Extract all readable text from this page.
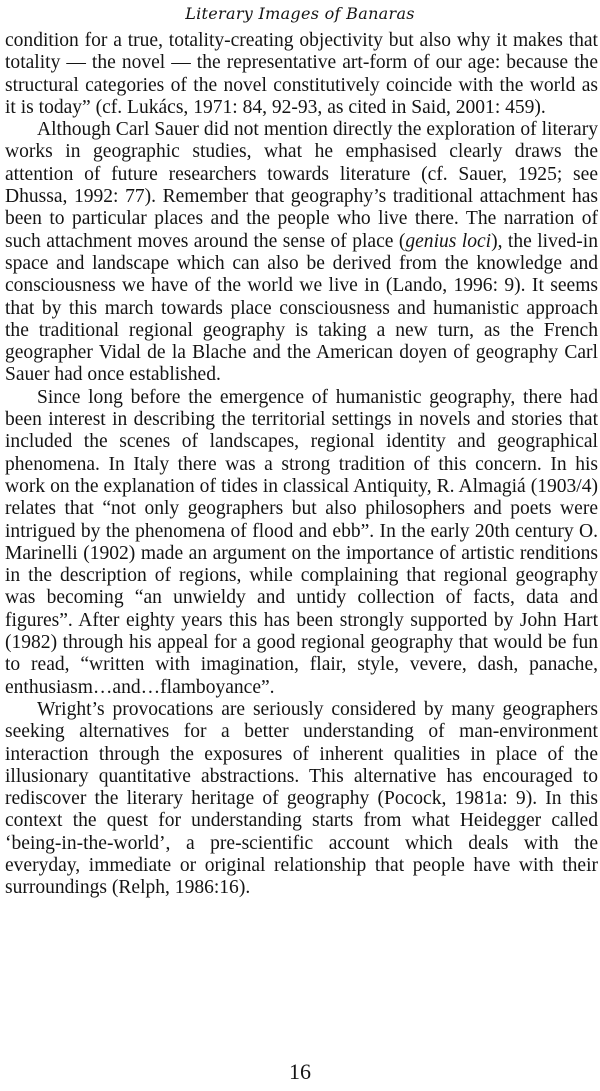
Literary Images of Banaras

condition for a true, totality-creating objectivity but also why it makes that totality — the novel — the representative art-form of our age: because the structural categories of the novel constitutively coincide with the world as it is today” (cf. Lukács, 1971: 84, 92-93, as cited in Said, 2001: 459).

Although Carl Sauer did not mention directly the exploration of literary works in geographic studies, what he emphasised clearly draws the attention of future researchers towards literature (cf. Sauer, 1925; see Dhussa, 1992: 77). Remember that geography’s traditional attachment has been to particular places and the people who live there. The narration of such attachment moves around the sense of place (genius loci), the lived-in space and landscape which can also be derived from the knowledge and consciousness we have of the world we live in (Lando, 1996: 9). It seems that by this march towards place consciousness and humanistic approach the traditional regional geography is taking a new turn, as the French geographer Vidal de la Blache and the American doyen of geography Carl Sauer had once established.

Since long before the emergence of humanistic geography, there had been interest in describing the territorial settings in novels and stories that included the scenes of landscapes, regional identity and geographical phenomena. In Italy there was a strong tradition of this concern. In his work on the explanation of tides in classical Antiquity, R. Almagiá (1903/4) relates that “not only geographers but also philosophers and poets were intrigued by the phenomena of flood and ebb”. In the early 20th century O. Marinelli (1902) made an argument on the importance of artistic renditions in the description of regions, while complaining that regional geography was becoming “an unwieldy and untidy collection of facts, data and figures”. After eighty years this has been strongly supported by John Hart (1982) through his appeal for a good regional geography that would be fun to read, “written with imagination, flair, style, vevere, dash, panache, enthusiasm…and…flamboyance”.

Wright’s provocations are seriously considered by many geographers seeking alternatives for a better understanding of man-environment interaction through the exposures of inherent qualities in place of the illusionary quantitative abstractions. This alternative has encouraged to rediscover the literary heritage of geography (Pocock, 1981a: 9). In this context the quest for understanding starts from what Heidegger called ‘being-in-the-world’, a pre-scientific account which deals with the everyday, immediate or original relationship that people have with their surroundings (Relph, 1986:16).

16
